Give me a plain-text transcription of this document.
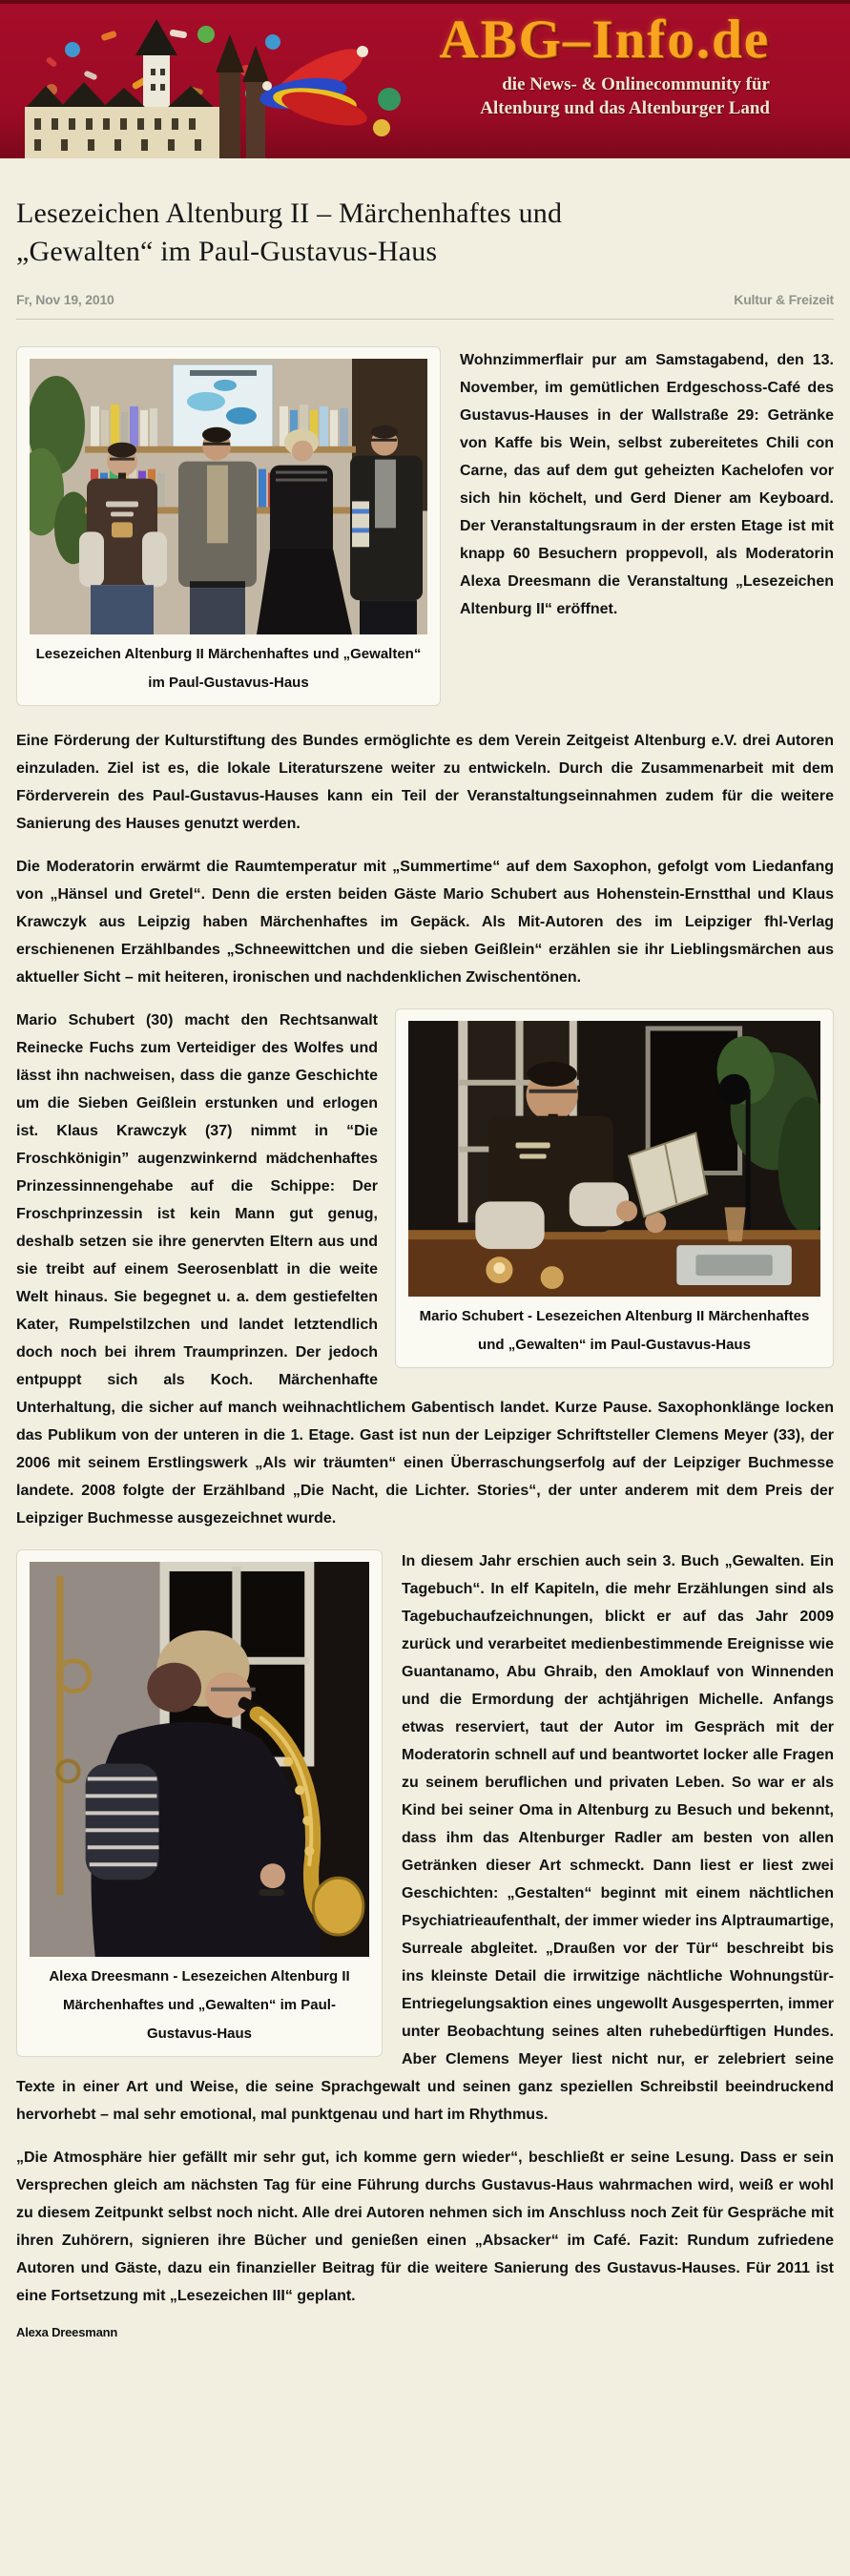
ABG–Info.de
die News- & Onlinecommunity für
Altenburg und das Altenburger Land
Lesezeichen Altenburg II – Märchenhaftes und
„Gewalten“ im Paul-Gustavus-Haus
Fr, Nov 19, 2010	Kultur & Freizeit
Lesezeichen Altenburg II Märchenhaftes und „Gewalten“ im Paul-Gustavus-Haus
Wohnzimmerflair pur am Samstagabend, den 13. November, im gemütlichen Erdgeschoss-Café des Gustavus-Hauses in der Wallstraße 29: Getränke von Kaffe bis Wein, selbst zubereitetes Chili con Carne, das auf dem gut geheizten Kachelofen vor sich hin köchelt, und Gerd Diener am Keyboard. Der Veranstaltungsraum in der ersten Etage ist mit knapp 60 Besuchern proppevoll, als Moderatorin Alexa Dreesmann die Veranstaltung „Lesezeichen Altenburg II“ eröffnet.
Eine Förderung der Kulturstiftung des Bundes ermöglichte es dem Verein Zeitgeist Altenburg e.V. drei Autoren einzuladen. Ziel ist es, die lokale Literaturszene weiter zu entwickeln. Durch die Zusammenarbeit mit dem Förderverein des Paul-Gustavus-Hauses kann ein Teil der Veranstaltungseinnahmen zudem für die weitere Sanierung des Hauses genutzt werden.
Die Moderatorin erwärmt die Raumtemperatur mit „Summertime“ auf dem Saxophon, gefolgt vom Liedanfang von „Hänsel und Gretel“. Denn die ersten beiden Gäste Mario Schubert aus Hohenstein-Ernstthal und Klaus Krawczyk aus Leipzig haben Märchenhaftes im Gepäck. Als Mit-Autoren des im Leipziger fhl-Verlag erschienenen Erzählbandes „Schneewittchen und die sieben Geißlein“ erzählen sie ihr Lieblingsmärchen aus aktueller Sicht – mit heiteren, ironischen und nachdenklichen Zwischentönen.
Mario Schubert - Lesezeichen Altenburg II Märchenhaftes und „Gewalten“ im Paul-Gustavus-Haus
Mario Schubert (30) macht den Rechtsanwalt Reinecke Fuchs zum Verteidiger des Wolfes und lässt ihn nachweisen, dass die ganze Geschichte um die Sieben Geißlein erstunken und erlogen ist. Klaus Krawczyk (37) nimmt in “Die Froschkönigin” augenzwinkernd mädchenhaftes Prinzessinnengehabe auf die Schippe: Der Froschprinzessin ist kein Mann gut genug, deshalb setzen sie ihre genervten Eltern aus und sie treibt auf einem Seerosenblatt in die weite Welt hinaus. Sie begegnet u. a. dem gestiefelten Kater, Rumpelstilzchen und landet letztendlich doch noch bei ihrem Traumprinzen. Der jedoch entpuppt sich als Koch. Märchenhafte Unterhaltung, die sicher auf manch weihnachtlichem Gabentisch landet. Kurze Pause. Saxophonklänge locken das Publikum von der unteren in die 1. Etage. Gast ist nun der Leipziger Schriftsteller Clemens Meyer (33), der 2006 mit seinem Erstlingswerk „Als wir träumten“ einen Überraschungserfolg auf der Leipziger Buchmesse landete. 2008 folgte der Erzählband „Die Nacht, die Lichter. Stories“, der unter anderem mit dem Preis der Leipziger Buchmesse ausgezeichnet wurde.
Alexa Dreesmann - Lesezeichen Altenburg II Märchenhaftes und „Gewalten“ im Paul-Gustavus-Haus
In diesem Jahr erschien auch sein 3. Buch „Gewalten. Ein Tagebuch“. In elf Kapiteln, die mehr Erzählungen sind als Tagebuchaufzeichnungen, blickt er auf das Jahr 2009 zurück und verarbeitet medienbestimmende Ereignisse wie Guantanamo, Abu Ghraib, den Amoklauf von Winnenden und die Ermordung der achtjährigen Michelle. Anfangs etwas reserviert, taut der Autor im Gespräch mit der Moderatorin schnell auf und beantwortet locker alle Fragen zu seinem beruflichen und privaten Leben. So war er als Kind bei seiner Oma in Altenburg zu Besuch und bekennt, dass ihm das Altenburger Radler am besten von allen Getränken dieser Art schmeckt. Dann liest er liest zwei Geschichten: „Gestalten“ beginnt mit einem nächtlichen Psychiatrieaufenthalt, der immer wieder ins Alptraumartige, Surreale abgleitet. „Draußen vor der Tür“ beschreibt bis ins kleinste Detail die irrwitzige nächtliche Wohnungstür-Entriegelungsaktion eines ungewollt Ausgesperrten, immer unter Beobachtung seines alten ruhebedürftigen Hundes. Aber Clemens Meyer liest nicht nur, er zelebriert seine Texte in einer Art und Weise, die seine Sprachgewalt und seinen ganz speziellen Schreibstil beeindruckend hervorhebt – mal sehr emotional, mal punktgenau und hart im Rhythmus.
„Die Atmosphäre hier gefällt mir sehr gut, ich komme gern wieder“, beschließt er seine Lesung. Dass er sein Versprechen gleich am nächsten Tag für eine Führung durchs Gustavus-Haus wahrmachen wird, weiß er wohl zu diesem Zeitpunkt selbst noch nicht. Alle drei Autoren nehmen sich im Anschluss noch Zeit für Gespräche mit ihren Zuhörern, signieren ihre Bücher und genießen einen „Absacker“ im Café. Fazit: Rundum zufriedene Autoren und Gäste, dazu ein finanzieller Beitrag für die weitere Sanierung des Gustavus-Hauses. Für 2011 ist eine Fortsetzung mit „Lesezeichen III“ geplant.
Alexa Dreesmann
